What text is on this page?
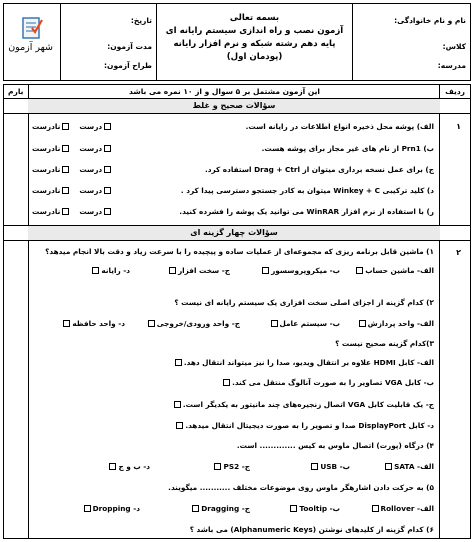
نام و نام خانوادگی:
کلاس:
مدرسه:
بسمه تعالی
آزمون نصب و راه اندازی سیستم رایانه ای
پایه دهم رشته شبکه و نرم افزار رایانه
(پودمان اول)
تاریخ:
مدت آزمون:
طراح آزمون:
شهر آزمون
ردیف
بارم	این آزمون مشتمل بر ۵ سوال و از ۱۰ نمره می باشد
سؤالات صحیح و غلط
۱
الف) پوشه محل ذخیره انواع اطلاعات در رایانه است.
درست
نادرست
ب) Prn1 از نام های غیر مجاز برای پوشه هست.
درست
نادرست
ج) برای عمل نسخه برداری میتوان از Drag + Ctrl استفاده کرد.
درست
نادرست
د) کلید ترکیبی Winkey + C میتوان به کادر جستجو دسترسی پیدا کرد .
درست
نادرست
ر) با استفاده از نرم افزار WinRAR می توانید یک پوشه را فشرده کنید.
درست
نادرست
سؤالات چهار گزینه ای
۲
۱) ماشین قابل برنامه ریزی که مجموعه‌ای از عملیات ساده و پیچیده را با سرعت زیاد و دقت بالا انجام میدهد؟
الف- ماشین حساب
ب- میکروپروسسور
ج- سخت افزار
د- رایانه
۲) کدام گزینه از اجزای اصلی سخت افزاری یک سیستم رایانه ای نیست ؟
الف- واحد پردازش
ب- سیستم عامل
ج- واحد ورودی/خروجی
د- واحد حافظه
۳)کدام گزینه صحیح نیست ؟
الف- کابل HDMI علاوه بر انتقال ویدیو، صدا را نیز میتواند انتقال دهد.
ب- کابل VGA تصاویر را به صورت آنالوگ منتقل می کند.
ج- یک قابلیت کابل VGA اتصال زنجیره‌های چند مانیتور به یکدیگر است.
د- کابل DisplayPort صدا و تصویر را به صورت دیجیتال انتقال میدهد.
۴) درگاه (پورت) اتصال ماوس به کیس ............. است.
الف- SATA
ب- USB
ج- PS2
د- ب و ج
۵) به حرکت دادن اشارهگر ماوس روی موضوعات مختلف ........... میگویند.
الف- Rollover
ب- Tooltip
ج- Dragging
د- Dropping
۶) کدام گزینه از کلیدهای نوشتن (Alphanumeric Keys) می باشد ؟
